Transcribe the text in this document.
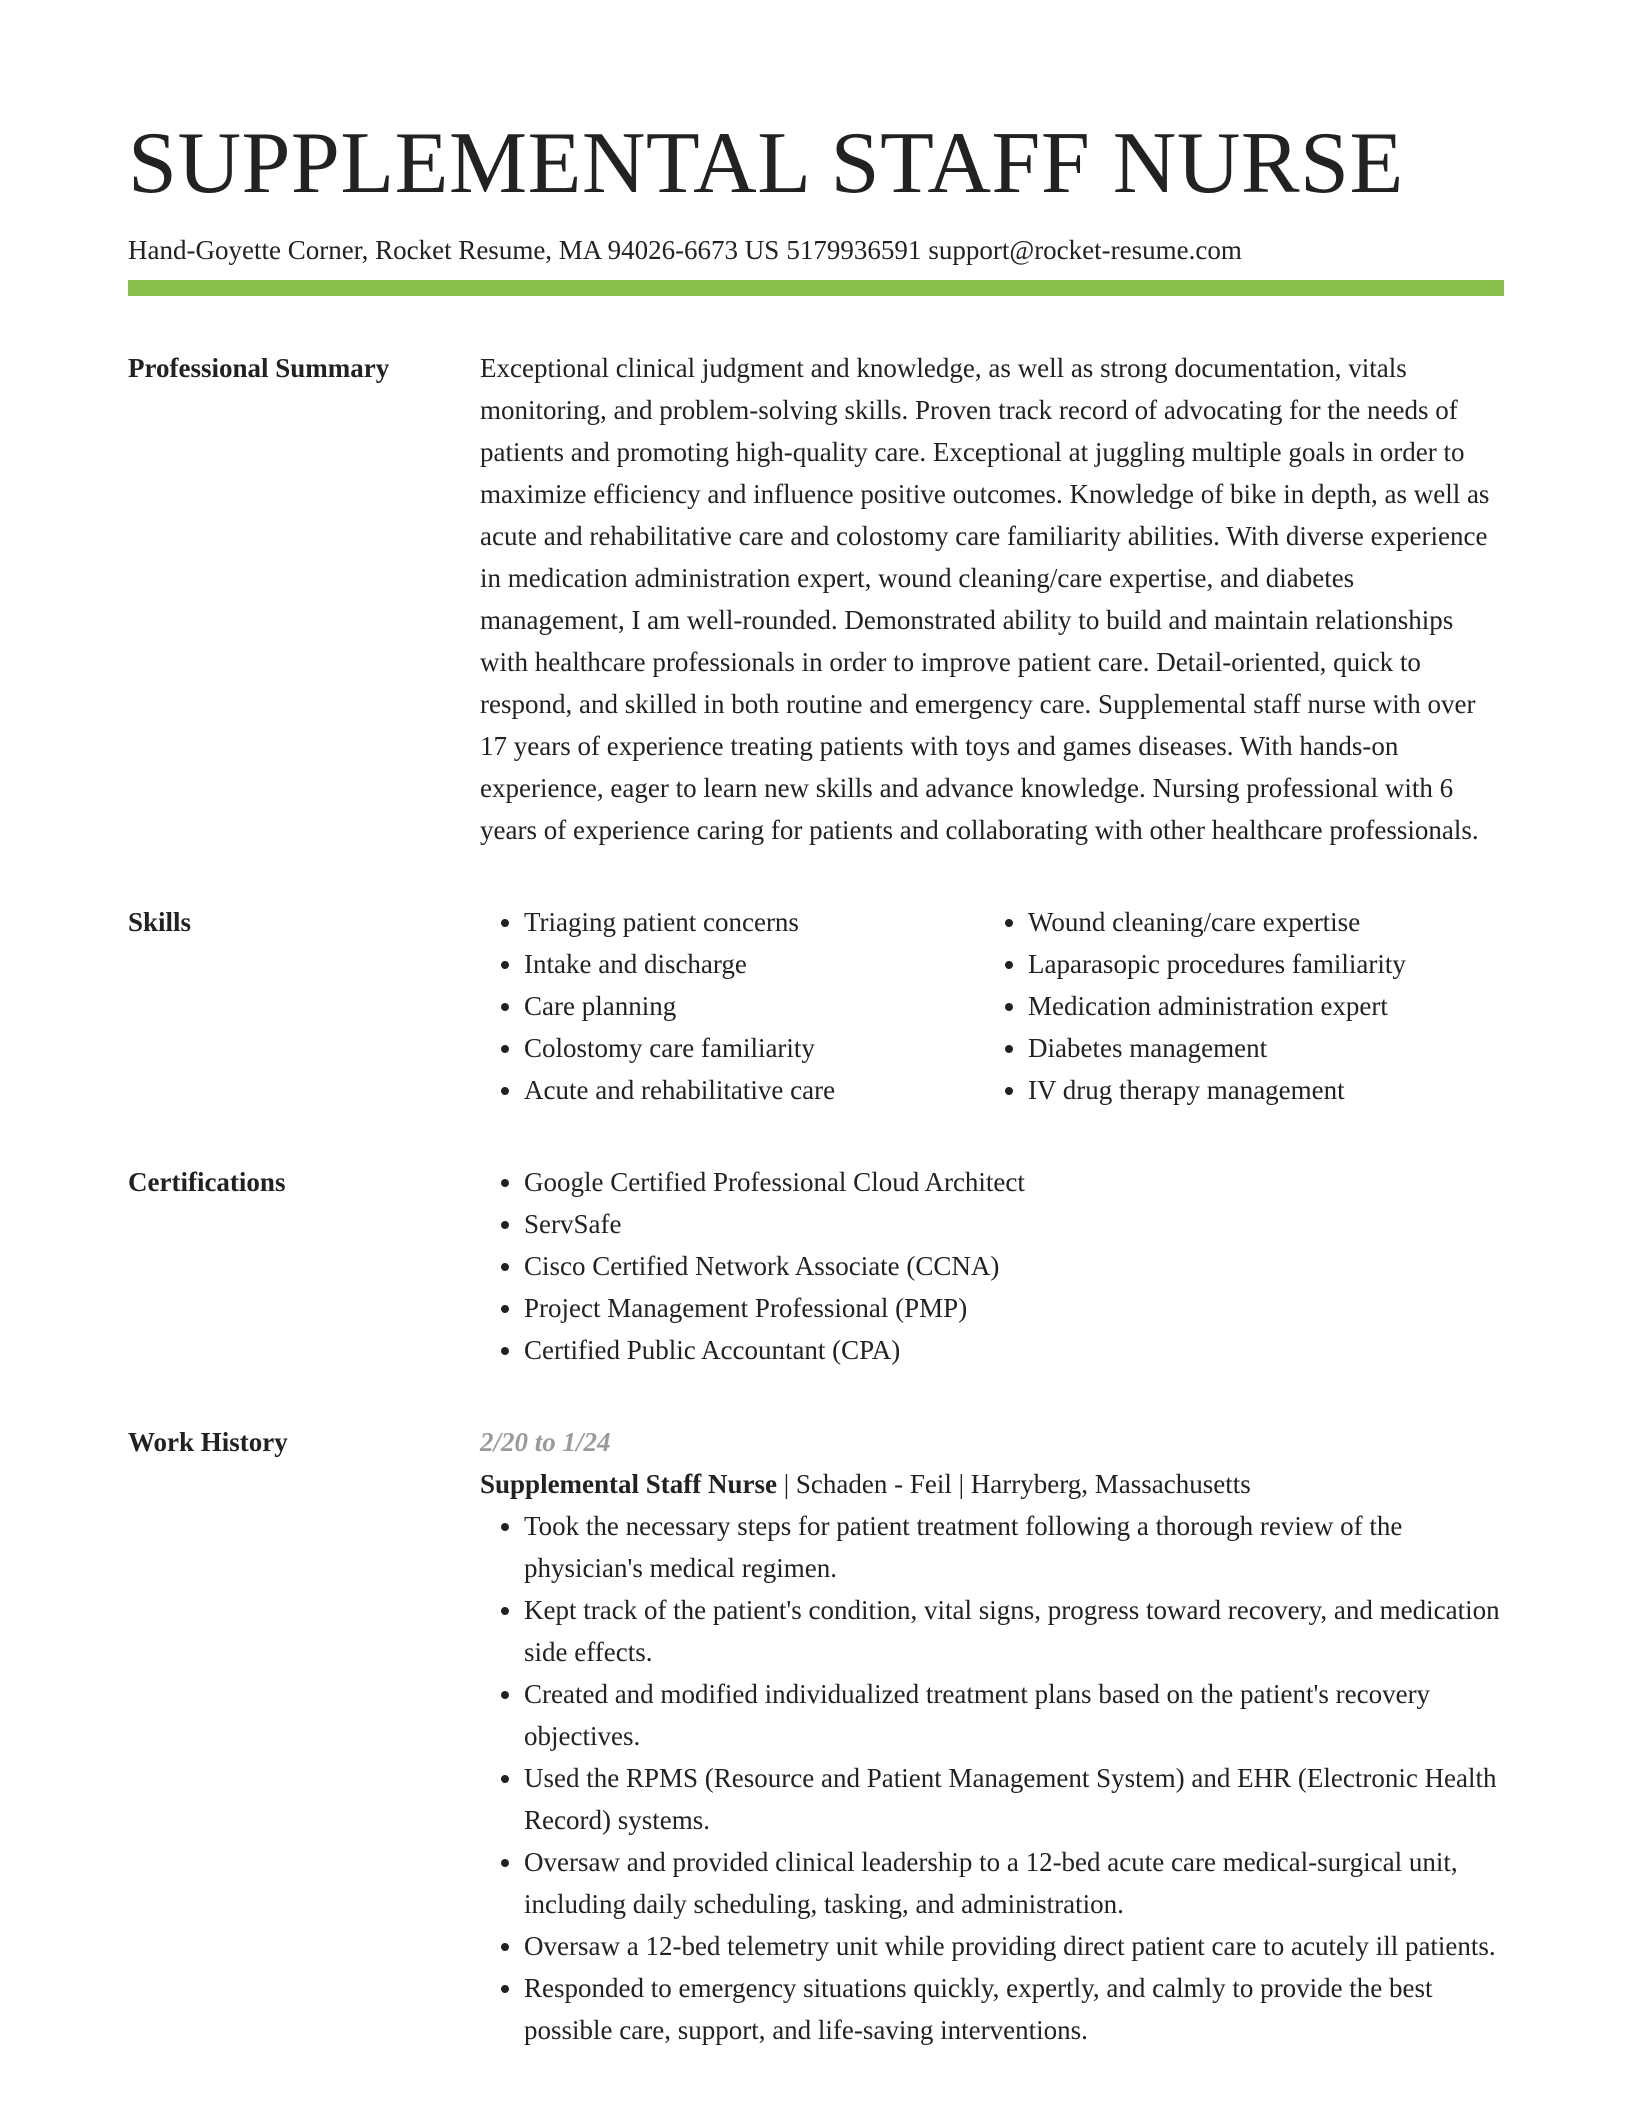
SUPPLEMENTAL STAFF NURSE
Hand-Goyette Corner, Rocket Resume, MA 94026-6673 US 5179936591 support@rocket-resume.com
Professional Summary	Exceptional clinical judgment and knowledge, as well as strong documentation, vitals monitoring, and problem-solving skills. Proven track record of advocating for the needs of patients and promoting high-quality care. Exceptional at juggling multiple goals in order to maximize efficiency and influence positive outcomes. Knowledge of bike in depth, as well as acute and rehabilitative care and colostomy care familiarity abilities. With diverse experience in medication administration expert, wound cleaning/care expertise, and diabetes management, I am well-rounded. Demonstrated ability to build and maintain relationships with healthcare professionals in order to improve patient care. Detail-oriented, quick to respond, and skilled in both routine and emergency care. Supplemental staff nurse with over 17 years of experience treating patients with toys and games diseases. With hands-on experience, eager to learn new skills and advance knowledge. Nursing professional with 6 years of experience caring for patients and collaborating with other healthcare professionals.

Skills	• Triaging patient concerns
• Intake and discharge
• Care planning
• Colostomy care familiarity
• Acute and rehabilitative care
• Wound cleaning/care expertise
• Laparasopic procedures familiarity
• Medication administration expert
• Diabetes management
• IV drug therapy management
Certifications	• Google Certified Professional Cloud Architect
• ServSafe
• Cisco Certified Network Associate (CCNA)
• Project Management Professional (PMP)
• Certified Public Accountant (CPA)
Work History	2/20 to 1/24
Supplemental Staff Nurse | Schaden - Feil | Harryberg, Massachusetts
• Took the necessary steps for patient treatment following a thorough review of the physician's medical regimen.
• Kept track of the patient's condition, vital signs, progress toward recovery, and medication side effects.
• Created and modified individualized treatment plans based on the patient's recovery objectives.
• Used the RPMS (Resource and Patient Management System) and EHR (Electronic Health Record) systems.
• Oversaw and provided clinical leadership to a 12-bed acute care medical-surgical unit, including daily scheduling, tasking, and administration.
• Oversaw a 12-bed telemetry unit while providing direct patient care to acutely ill patients.
• Responded to emergency situations quickly, expertly, and calmly to provide the best possible care, support, and life-saving interventions.
